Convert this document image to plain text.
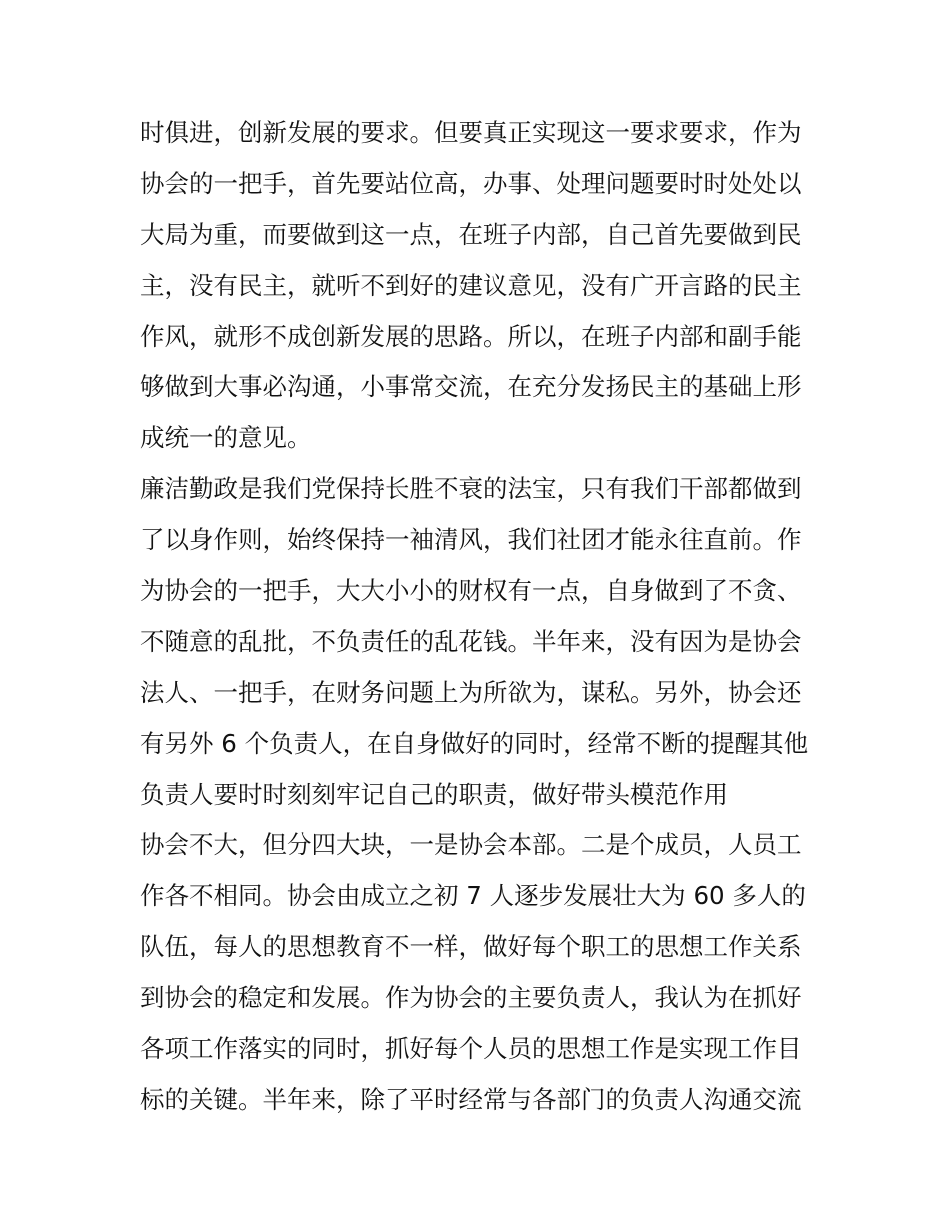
时俱进，创新发展的要求。但要真正实现这一要求要求，作为
协会的一把手，首先要站位高，办事、处理问题要时时处处以
大局为重，而要做到这一点，在班子内部，自己首先要做到民
主，没有民主，就听不到好的建议意见，没有广开言路的民主
作风，就形不成创新发展的思路。所以，在班子内部和副手能
够做到大事必沟通，小事常交流，在充分发扬民主的基础上形
成统一的意见。
廉洁勤政是我们党保持长胜不衰的法宝，只有我们干部都做到
了以身作则，始终保持一袖清风，我们社团才能永往直前。作
为协会的一把手，大大小小的财权有一点，自身做到了不贪、
不随意的乱批，不负责任的乱花钱。半年来，没有因为是协会
法人、一把手，在财务问题上为所欲为，谋私。另外，协会还
有另外 6 个负责人，在自身做好的同时，经常不断的提醒其他
负责人要时时刻刻牢记自己的职责，做好带头模范作用
协会不大，但分四大块，一是协会本部。二是个成员，人员工
作各不相同。协会由成立之初 7 人逐步发展壮大为 60 多人的
队伍，每人的思想教育不一样，做好每个职工的思想工作关系
到协会的稳定和发展。作为协会的主要负责人，我认为在抓好
各项工作落实的同时，抓好每个人员的思想工作是实现工作目
标的关键。半年来，除了平时经常与各部门的负责人沟通交流
